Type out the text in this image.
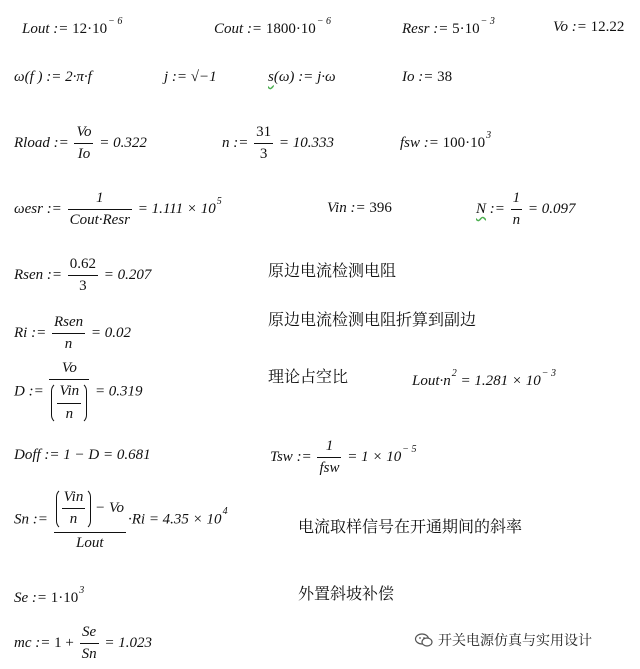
Lout := $12\cdot 10^{- 6}$	Cout := $1800\cdot 10^{- 6}$	Resr := $5\cdot 10^{- 3}$	Vo := 12.22
ω(f ) := 2·π·f	j := √−1	s(ω) := j·ω	Io := 38
Rload := $\frac{Vo}{Io} = 0.322$	n := $\frac{31}{3} = 10.333$	fsw := $100\cdot 10^3$
ωesr := $\frac{1}{\text{Cout·Resr}} = 1.111 \times 10^5$	Vin := 396	N := $\frac{1}{n} = 0.097$
Rsen := $\frac{0.62}{3} = 0.207$	原边电流检测电阻
Ri := $\frac{\text{Rsen}}{n} = 0.02$
原边电流检测电阻折算到副边
D := $\frac{Vo}{\frac{\text{Vin}}{n}} = 0.319$
理论占空比	$Lout\cdot n^2 = 1.281 \times 10^{- 3}$
Doff := 1 − D = 0.681	Tsw := $\frac{1}{\text{fsw}} = 1 \times 10^{- 5}$
Sn := $\frac{\frac{\text{Vin}}{n} - Vo}{\text{Lout}} \cdot Ri = 4.35 \times 10^4$
电流取样信号在开通期间的斜率
Se := $1\cdot 10^3$	外置斜坡补偿
mc := $1 + \frac{Se}{Sn} = 1.023$	开关电源仿真与实用设计
